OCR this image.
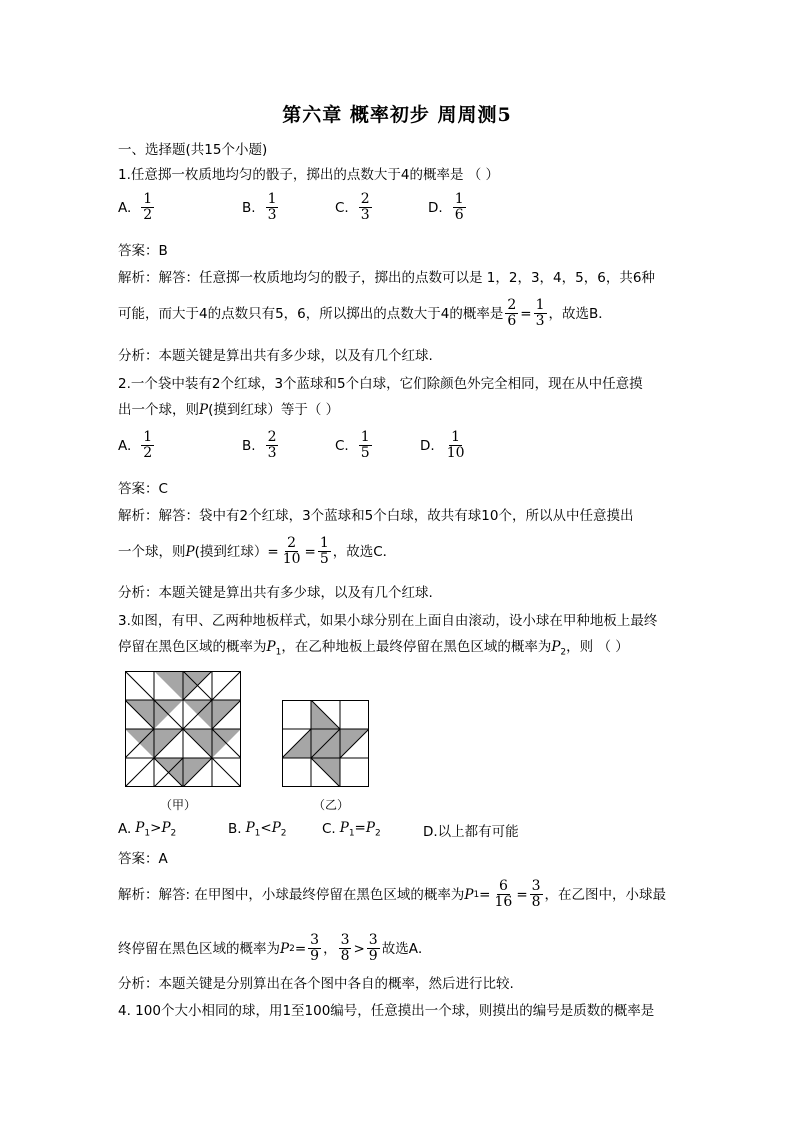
第六章 概率初步 周周测5
一、选择题(共15个小题)
1.任意掷一枚质地均匀的骰子，掷出的点数大于4的概率是 （ ）
A. $\frac{1}{2}$	B. $\frac{1}{3}$	C. $\frac{2}{3}$	D. $\frac{1}{6}$
答案：B
解析：解答：任意掷一枚质地均匀的骰子，掷出的点数可以是 1，2，3，4，5，6，共6种
可能，而大于4的点数只有5，6，所以掷出的点数大于4的概率是 $\frac{2}{6} = \frac{1}{3}$ ，故选B．
分析：本题关键是算出共有多少球，以及有几个红球.
2.一个袋中装有2个红球，3个蓝球和5个白球，它们除颜色外完全相同，现在从中任意摸
出一个球，则P(摸到红球）等于（ ）
A. $\frac{1}{2}$	B. $\frac{2}{3}$	C. $\frac{1}{5}$	D. $\frac{1}{10}$
答案：C
解析：解答：袋中有2个红球，3个蓝球和5个白球，故共有球10个，所以从中任意摸出
一个球，则 P (摸到红球）= $\frac{2}{10} = \frac{1}{5}$ ，故选C．
分析：本题关键是算出共有多少球，以及有几个红球.
3.如图，有甲、乙两种地板样式，如果小球分别在上面自由滚动，设小球在甲种地板上最终
停留在黑色区域的概率为$P_1$，在乙种地板上最终停留在黑色区域的概率为$P_2$，则 （ ）
（甲）	（乙）
A. $P_1>P_2$	B. $P_1<P_2$	C. $P_1=P_2$	D.以上都有可能
答案：A
解析：解答: 在甲图中，小球最终停留在黑色区域的概率为 P $1 = \frac{6}{16} = \frac{3}{8}$ ，在乙图中，小球最
终停留在黑色区域的概率为 P $2 = \frac{3}{9}$ ， $\frac{3}{8} > \frac{3}{9}$ 故选A．
分析：本题关键是分别算出在各个图中各自的概率，然后进行比较.
4. 100个大小相同的球，用1至100编号，任意摸出一个球，则摸出的编号是质数的概率是
